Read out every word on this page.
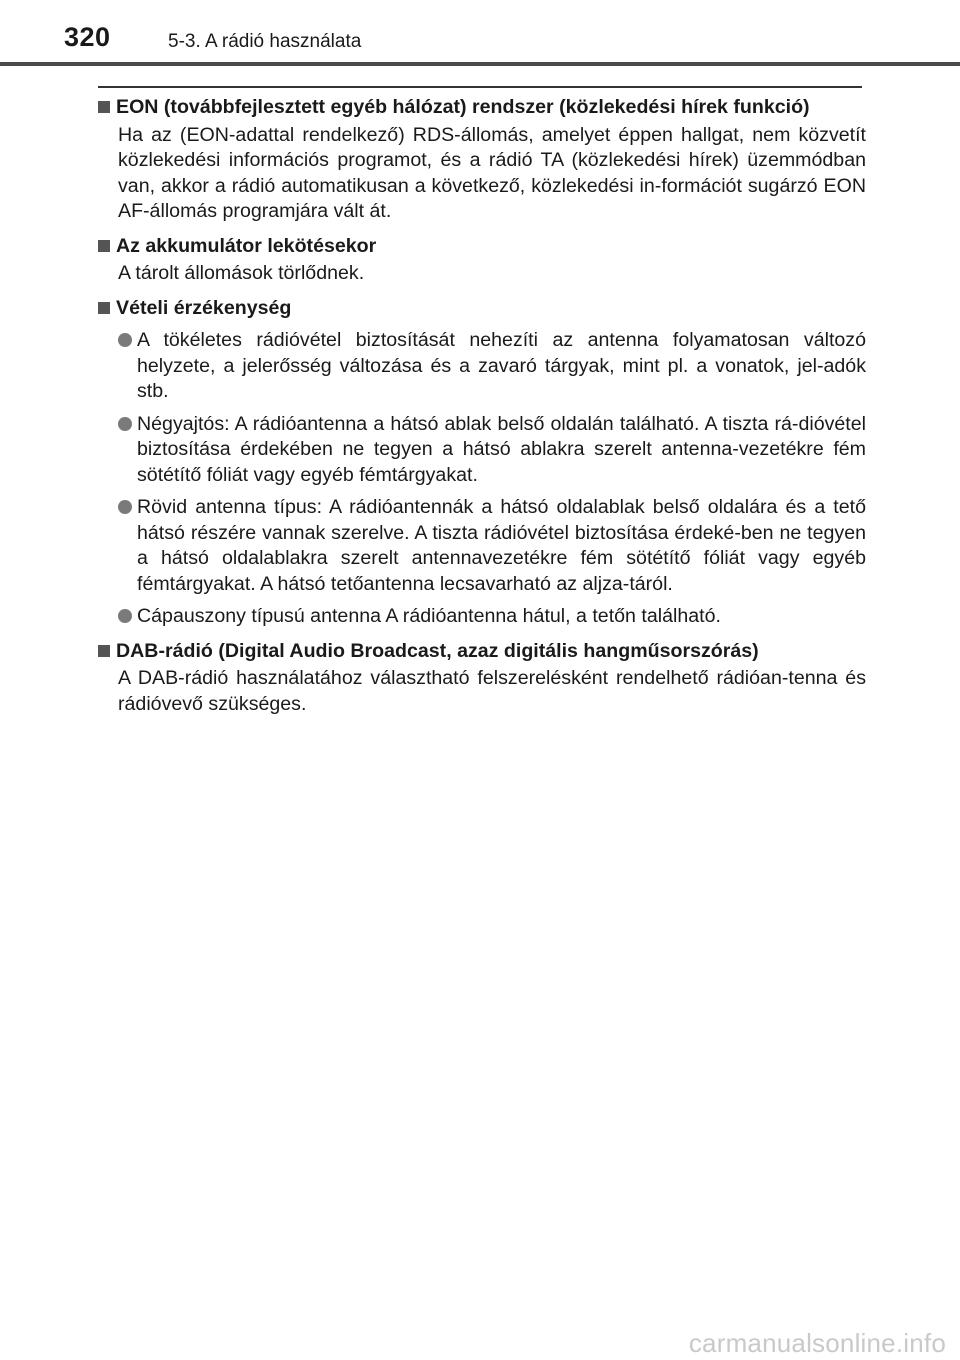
320	5-3. A rádió használata
EON (továbbfejlesztett egyéb hálózat) rendszer (közlekedési hírek funkció)
Ha az (EON-adattal rendelkező) RDS-állomás, amelyet éppen hallgat, nem közvetít közlekedési információs programot, és a rádió TA (közlekedési hírek) üzemmódban van, akkor a rádió automatikusan a következő, közlekedési in-formációt sugárzó EON AF-állomás programjára vált át.
Az akkumulátor lekötésekor
A tárolt állomások törlődnek.
Vételi érzékenység
A tökéletes rádióvétel biztosítását nehezíti az antenna folyamatosan változó helyzete, a jelerősség változása és a zavaró tárgyak, mint pl. a vonatok, jel-adók stb.
Négyajtós: A rádióantenna a hátsó ablak belső oldalán található. A tiszta rá-dióvétel biztosítása érdekében ne tegyen a hátsó ablakra szerelt antenna-vezetékre fém sötétítő fóliát vagy egyéb fémtárgyakat.
Rövid antenna típus: A rádióantennák a hátsó oldalablak belső oldalára és a tető hátsó részére vannak szerelve. A tiszta rádióvétel biztosítása érdeké-ben ne tegyen a hátsó oldalablakra szerelt antennavezetékre fém sötétítő fóliát vagy egyéb fémtárgyakat. A hátsó tetőantenna lecsavarható az aljza-táról.
Cápauszony típusú antenna A rádióantenna hátul, a tetőn található.
DAB-rádió (Digital Audio Broadcast, azaz digitális hangműsorszórás)
A DAB-rádió használatához választható felszerelésként rendelhető rádióan-tenna és rádióvevő szükséges.
carmanualsonline.info
